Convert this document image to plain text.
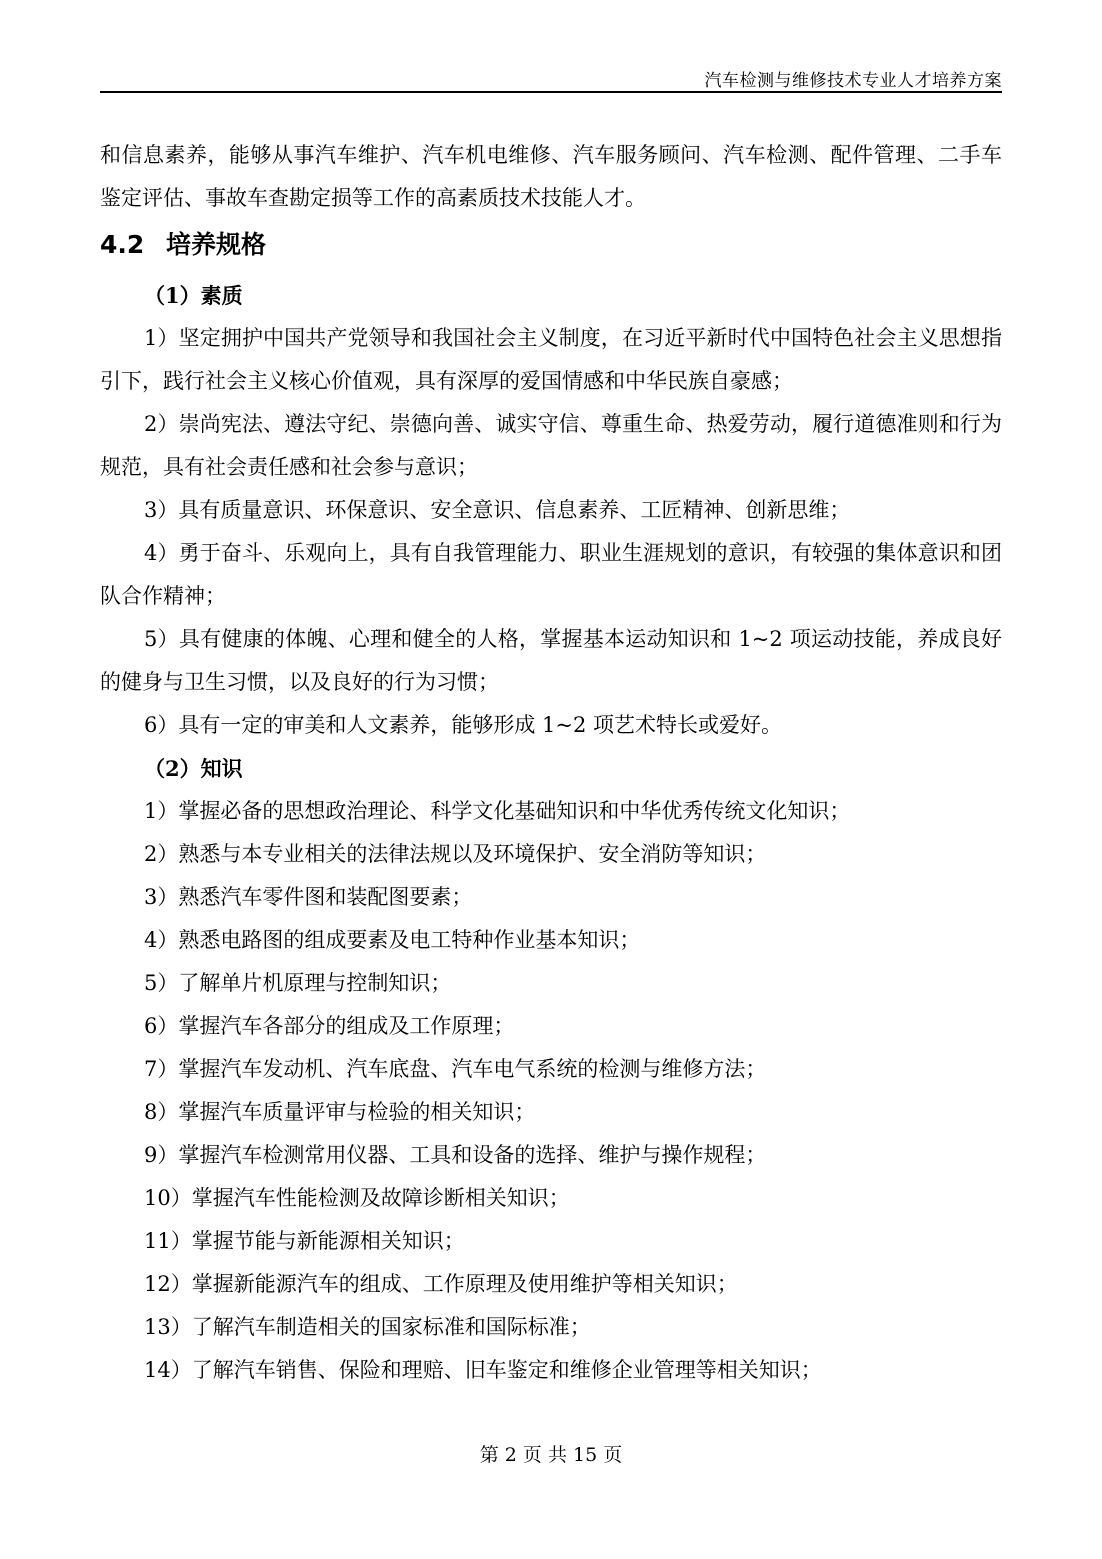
汽车检测与维修技术专业人才培养方案

和信息素养，能够从事汽车维护、汽车机电维修、汽车服务顾问、汽车检测、配件管理、二手车鉴定评估、事故车查勘定损等工作的高素质技术技能人才。

4.2 培养规格

（1）素质

1）坚定拥护中国共产党领导和我国社会主义制度，在习近平新时代中国特色社会主义思想指引下，践行社会主义核心价值观，具有深厚的爱国情感和中华民族自豪感；

2）崇尚宪法、遵法守纪、崇德向善、诚实守信、尊重生命、热爱劳动，履行道德准则和行为规范，具有社会责任感和社会参与意识；

3）具有质量意识、环保意识、安全意识、信息素养、工匠精神、创新思维；

4）勇于奋斗、乐观向上，具有自我管理能力、职业生涯规划的意识，有较强的集体意识和团队合作精神；

5）具有健康的体魄、心理和健全的人格，掌握基本运动知识和 1~2 项运动技能，养成良好的健身与卫生习惯，以及良好的行为习惯；

6）具有一定的审美和人文素养，能够形成 1~2 项艺术特长或爱好。

（2）知识

1）掌握必备的思想政治理论、科学文化基础知识和中华优秀传统文化知识；

2）熟悉与本专业相关的法律法规以及环境保护、安全消防等知识；

3）熟悉汽车零件图和装配图要素；

4）熟悉电路图的组成要素及电工特种作业基本知识；

5）了解单片机原理与控制知识；

6）掌握汽车各部分的组成及工作原理；

7）掌握汽车发动机、汽车底盘、汽车电气系统的检测与维修方法；

8）掌握汽车质量评审与检验的相关知识；

9）掌握汽车检测常用仪器、工具和设备的选择、维护与操作规程；

10）掌握汽车性能检测及故障诊断相关知识；

11）掌握节能与新能源相关知识；

12）掌握新能源汽车的组成、工作原理及使用维护等相关知识；

13）了解汽车制造相关的国家标准和国际标准；

14）了解汽车销售、保险和理赔、旧车鉴定和维修企业管理等相关知识；

第 2 页 共 15 页
